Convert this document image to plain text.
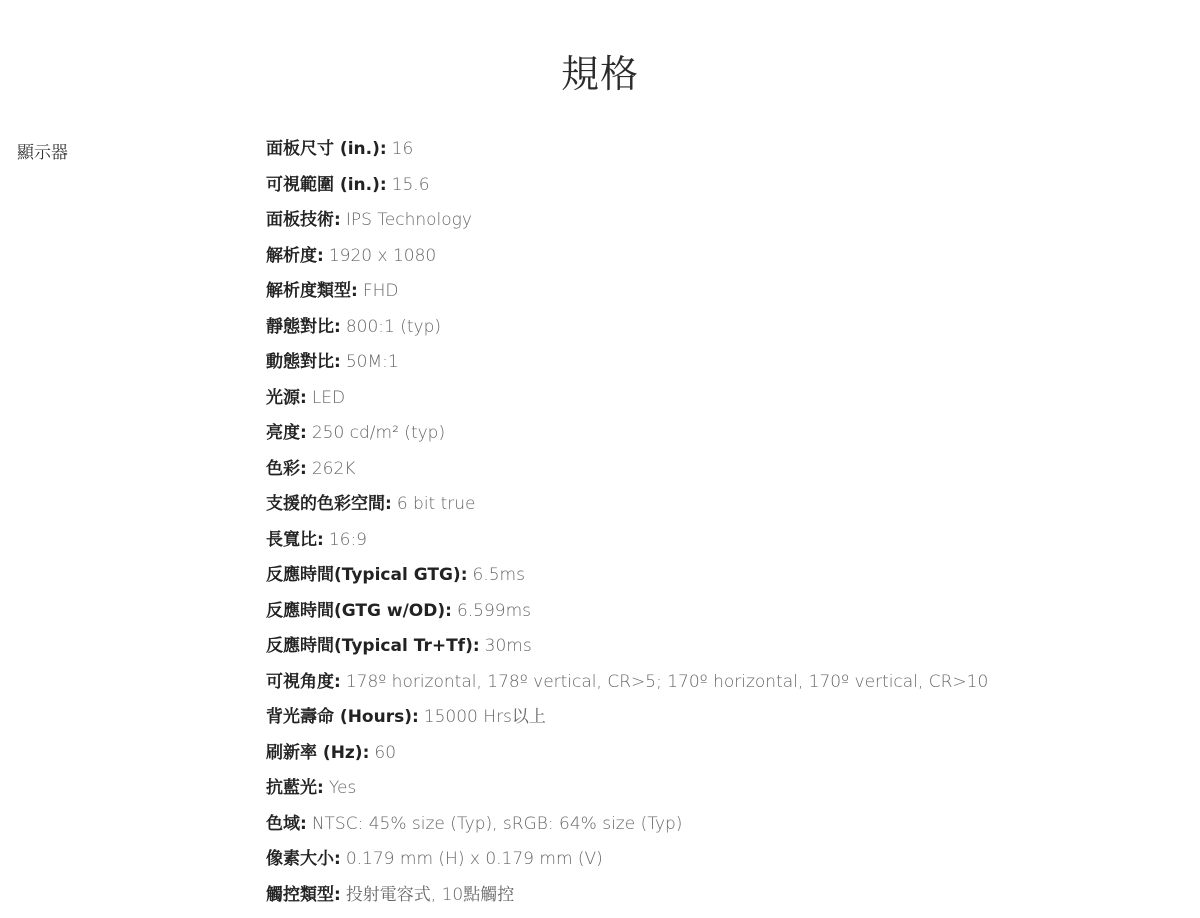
規格
顯示器	面板尺寸 (in.): 16
可視範圍 (in.): 15.6
面板技術: IPS Technology
解析度: 1920 x 1080
解析度類型: FHD
靜態對比: 800:1 (typ)
動態對比: 50M:1
光源: LED
亮度: 250 cd/m² (typ)
色彩: 262K
支援的色彩空間: 6 bit true
長寬比: 16:9
反應時間(Typical GTG): 6.5ms
反應時間(GTG w/OD): 6.599ms
反應時間(Typical Tr+Tf): 30ms
可視角度: 178º horizontal, 178º vertical, CR>5; 170º horizontal, 170º vertical, CR>10
背光壽命 (Hours): 15000 Hrs以上
刷新率 (Hz): 60
抗藍光: Yes
色域: NTSC: 45% size (Typ), sRGB: 64% size (Typ)
像素大小: 0.179 mm (H) x 0.179 mm (V)
觸控類型: 投射電容式, 10點觸控
